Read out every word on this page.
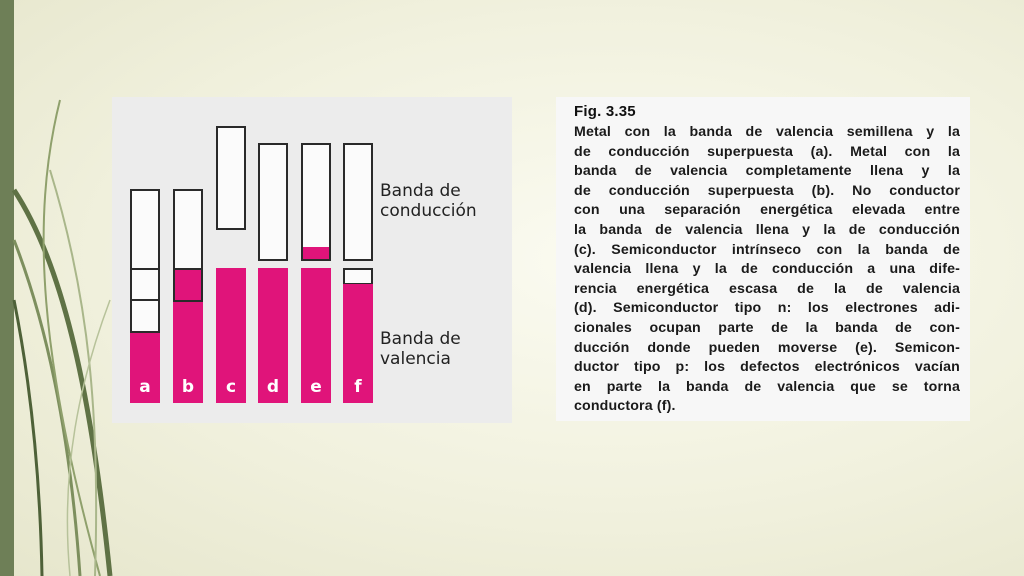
a	b	c	d	e	f
Banda de
conducción
Banda de
valencia
Fig. 3.35
Metal con la banda de valencia semillena y la
de conducción superpuesta (a). Metal con la
banda de valencia completamente llena y la
de conducción superpuesta (b). No conductor
con una separación energética elevada entre
la banda de valencia llena y la de conducción
(c). Semiconductor intrínseco con la banda de
valencia llena y la de conducción a una dife-
rencia energética escasa de la de valencia
(d). Semiconductor tipo n: los electrones adi-
cionales ocupan parte de la banda de con-
ducción donde pueden moverse (e). Semicon-
ductor tipo p: los defectos electrónicos vacían
en parte la banda de valencia que se torna
conductora (f).
